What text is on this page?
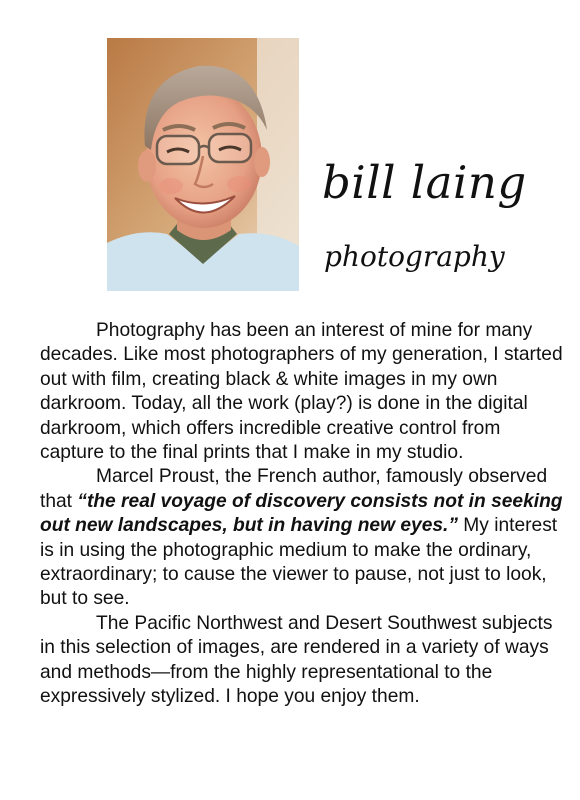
bill laing
photography

Photography has been an interest of mine for many decades. Like most photographers of my generation, I started out with film, creating black & white images in my own darkroom. Today, all the work (play?) is done in the digital darkroom, which offers incredible creative control from capture to the final prints that I make in my studio.

Marcel Proust, the French author, famously observed that “the real voyage of discovery consists not in seeking out new landscapes, but in having new eyes.” My interest is in using the photographic medium to make the ordinary, extraordinary; to cause the viewer to pause, not just to look, but to see.

The Pacific Northwest and Desert Southwest subjects in this selection of images, are rendered in a variety of ways and methods—from the highly representational to the expressively stylized. I hope you enjoy them.
